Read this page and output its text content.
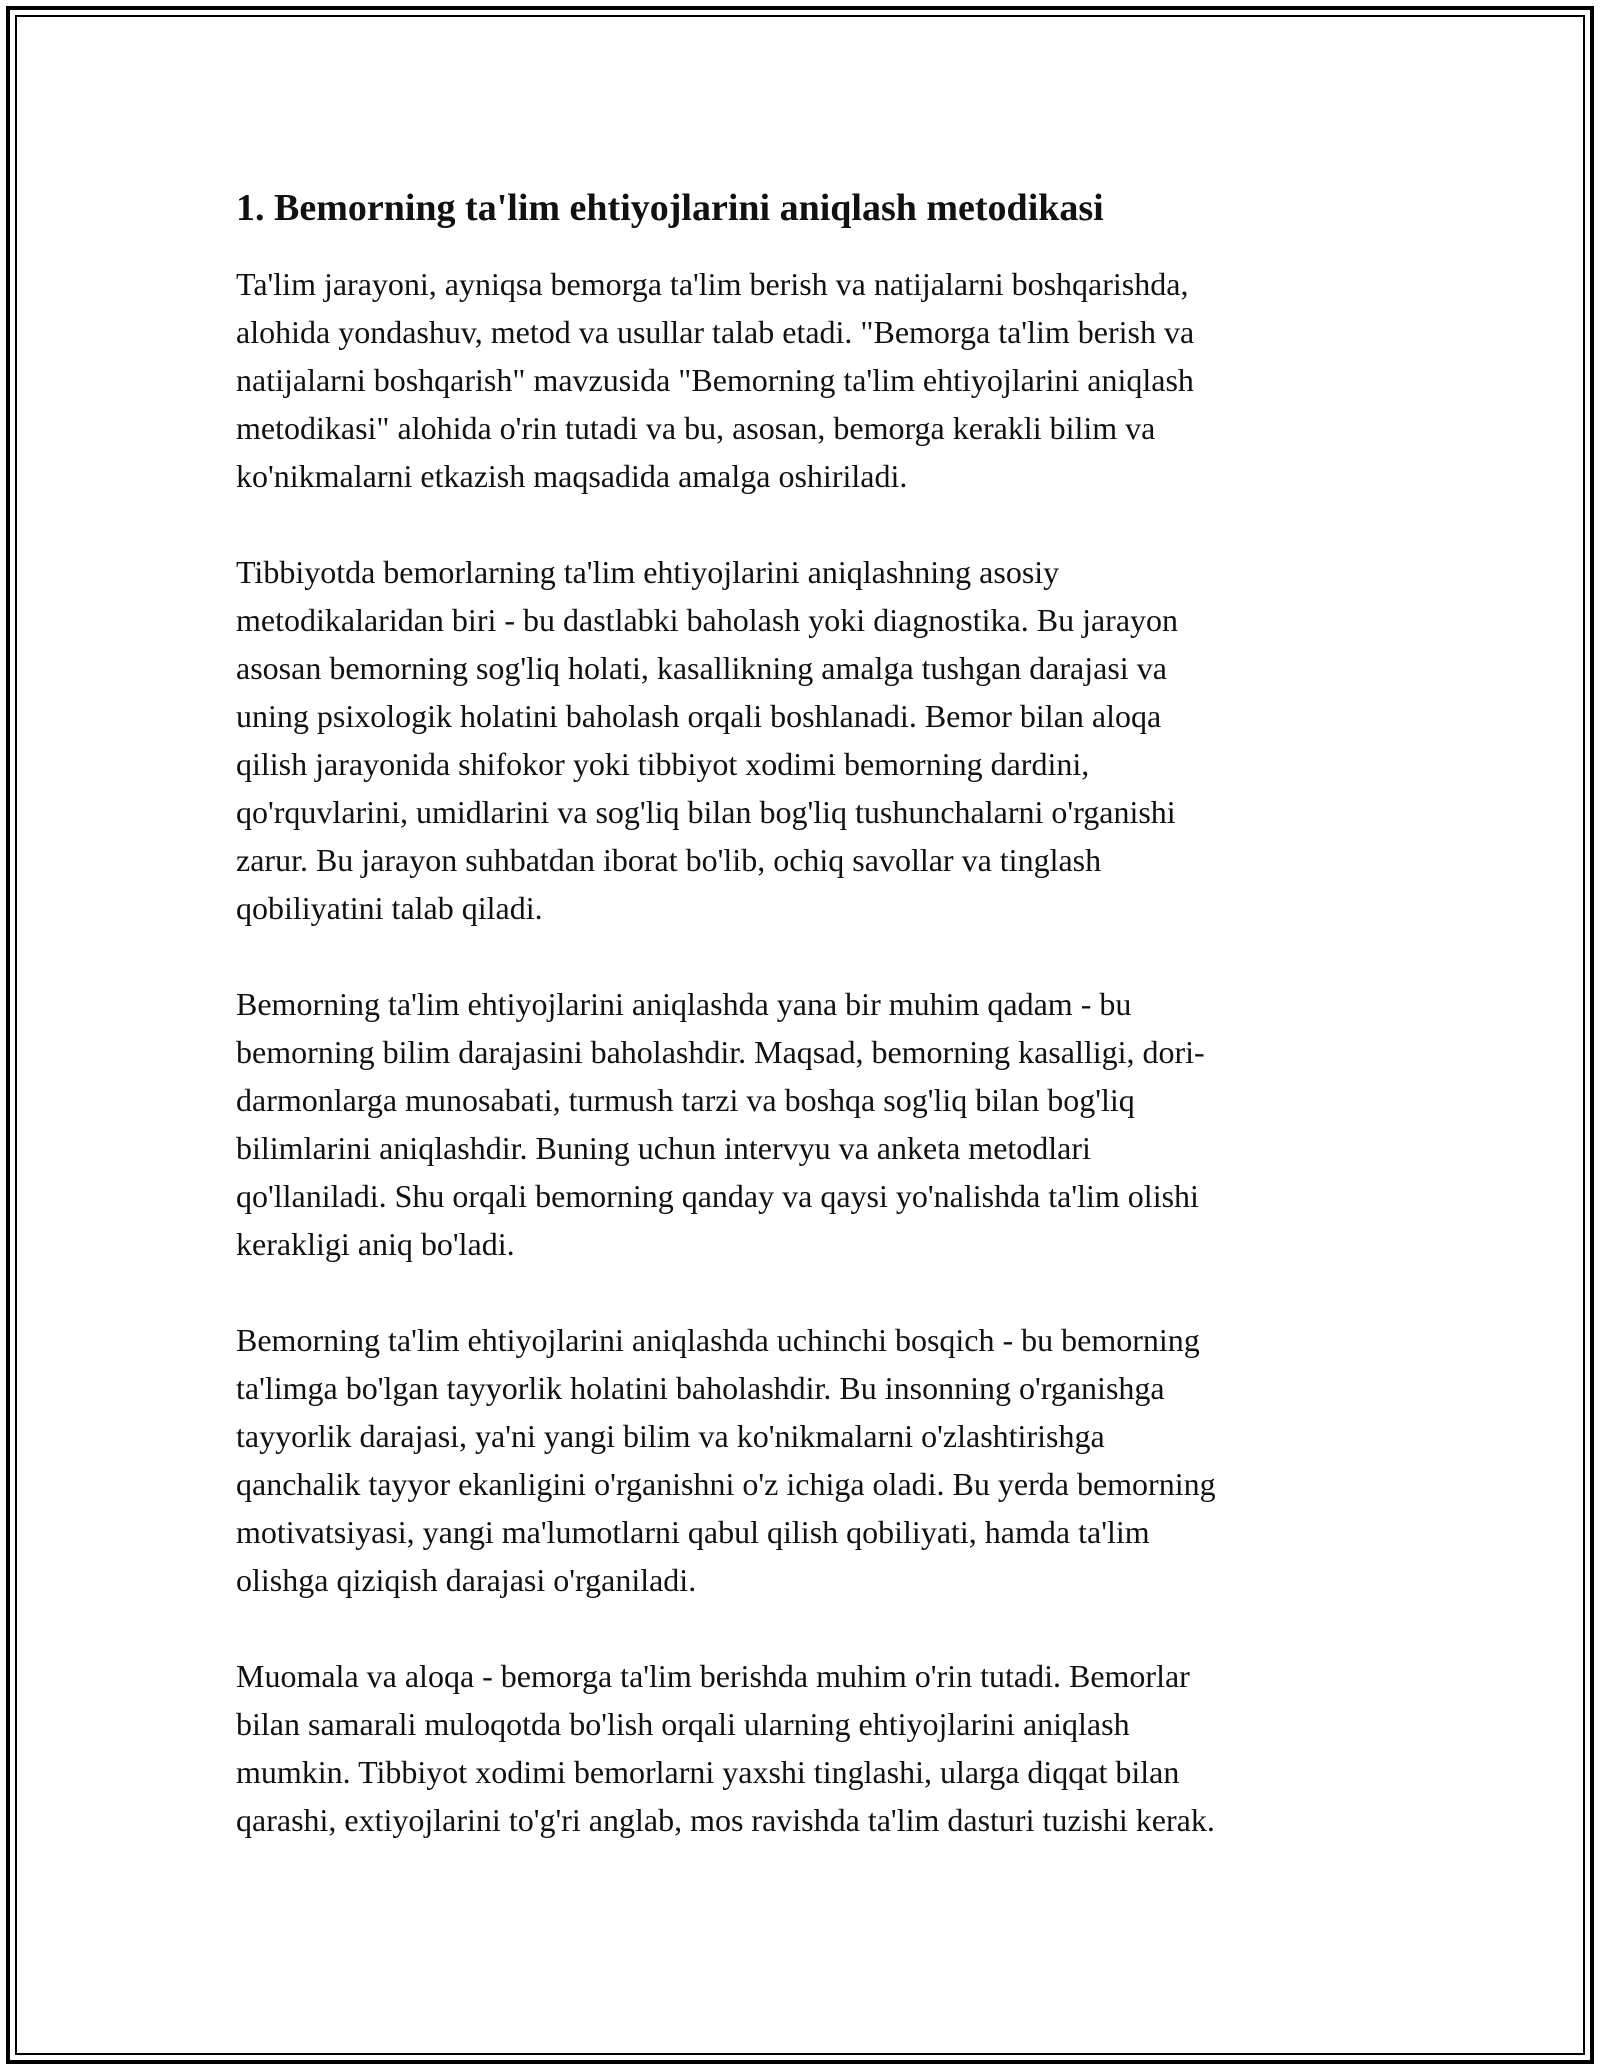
1. Bemorning ta'lim ehtiyojlarini aniqlash metodikasi

Ta'lim jarayoni, ayniqsa bemorga ta'lim berish va natijalarni boshqarishda,
alohida yondashuv, metod va usullar talab etadi. "Bemorga ta'lim berish va
natijalarni boshqarish" mavzusida "Bemorning ta'lim ehtiyojlarini aniqlash
metodikasi" alohida o'rin tutadi va bu, asosan, bemorga kerakli bilim va
ko'nikmalarni etkazish maqsadida amalga oshiriladi.

Tibbiyotda bemorlarning ta'lim ehtiyojlarini aniqlashning asosiy
metodikalaridan biri - bu dastlabki baholash yoki diagnostika. Bu jarayon
asosan bemorning sog'liq holati, kasallikning amalga tushgan darajasi va
uning psixologik holatini baholash orqali boshlanadi. Bemor bilan aloqa
qilish jarayonida shifokor yoki tibbiyot xodimi bemorning dardini,
qo'rquvlarini, umidlarini va sog'liq bilan bog'liq tushunchalarni o'rganishi
zarur. Bu jarayon suhbatdan iborat bo'lib, ochiq savollar va tinglash
qobiliyatini talab qiladi.

Bemorning ta'lim ehtiyojlarini aniqlashda yana bir muhim qadam - bu
bemorning bilim darajasini baholashdir. Maqsad, bemorning kasalligi, dori-
darmonlarga munosabati, turmush tarzi va boshqa sog'liq bilan bog'liq
bilimlarini aniqlashdir. Buning uchun intervyu va anketa metodlari
qo'llaniladi. Shu orqali bemorning qanday va qaysi yo'nalishda ta'lim olishi
kerakligi aniq bo'ladi.

Bemorning ta'lim ehtiyojlarini aniqlashda uchinchi bosqich - bu bemorning
ta'limga bo'lgan tayyorlik holatini baholashdir. Bu insonning o'rganishga
tayyorlik darajasi, ya'ni yangi bilim va ko'nikmalarni o'zlashtirishga
qanchalik tayyor ekanligini o'rganishni o'z ichiga oladi. Bu yerda bemorning
motivatsiyasi, yangi ma'lumotlarni qabul qilish qobiliyati, hamda ta'lim
olishga qiziqish darajasi o'rganiladi.

Muomala va aloqa - bemorga ta'lim berishda muhim o'rin tutadi. Bemorlar
bilan samarali muloqotda bo'lish orqali ularning ehtiyojlarini aniqlash
mumkin. Tibbiyot xodimi bemorlarni yaxshi tinglashi, ularga diqqat bilan
qarashi, extiyojlarini to'g'ri anglab, mos ravishda ta'lim dasturi tuzishi kerak.
